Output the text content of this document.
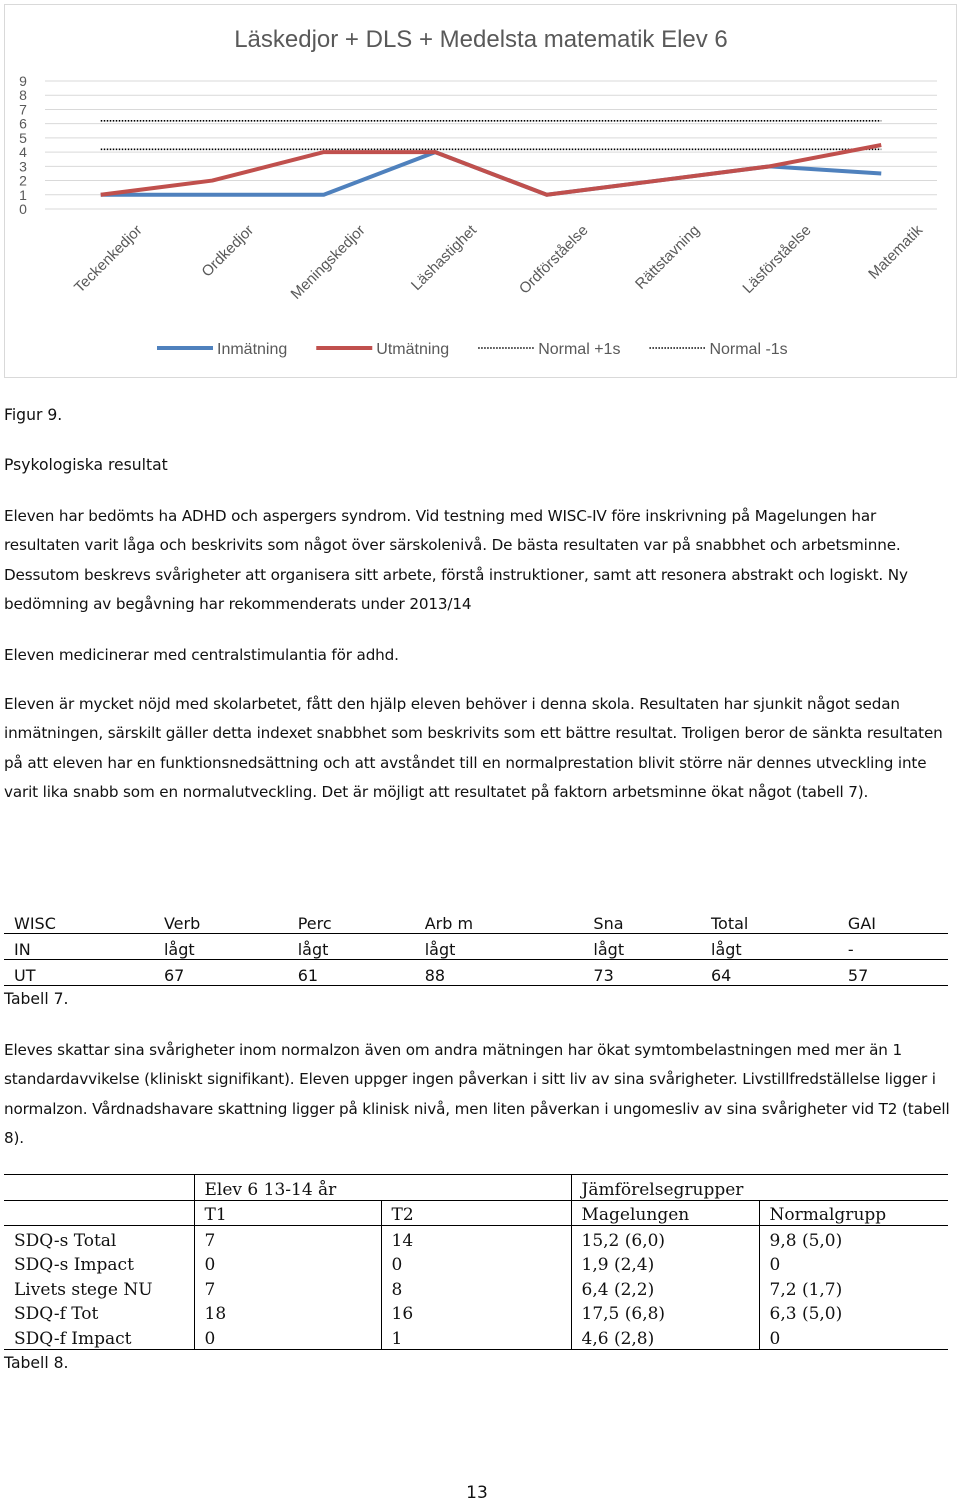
Läskedjor + DLS + Medelsta matematik Elev 6
9
8
7
6
5
4
3
2
1
0
Teckenkedjor	Ordkedjor Meningskedjor	Läshastighet Ordförståelse	Rättstavning Läsförståelse	Matematik
Inmätning	Utmätning	Normal +1s	Normal -1s

Figur 9.

Psykologiska resultat

Eleven har bedömts ha ADHD och aspergers syndrom. Vid testning med WISC-IV före inskrivning på Magelungen har resultaten varit låga och beskrivits som något över särskolenivå. De bästa resultaten var på snabbhet och arbetsminne. Dessutom beskrevs svårigheter att organisera sitt arbete, förstå instruktioner, samt att resonera abstrakt och logiskt. Ny bedömning av begåvning har rekommenderats under 2013/14

Eleven medicinerar med centralstimulantia för adhd.

Eleven är mycket nöjd med skolarbetet, fått den hjälp eleven behöver i denna skola. Resultaten har sjunkit något sedan inmätningen, särskilt gäller detta indexet snabbhet som beskrivits som ett bättre resultat. Troligen beror de sänkta resultaten på att eleven har en funktionsnedsättning och att avståndet till en normalprestation blivit större när dennes utveckling inte varit lika snabb som en normalutveckling. Det är möjligt att resultatet på faktorn arbetsminne ökat något (tabell 7).

WISC	Verb	Perc	Arb m	Sna	Total	GAI
IN	lågt	lågt	lågt	lågt	lågt	-
UT	67	61	88	73	64	57

Tabell 7.

Eleves skattar sina svårigheter inom normalzon även om andra mätningen har ökat symtombelastningen med mer än 1 standardavvikelse (kliniskt signifikant). Eleven uppger ingen påverkan i sitt liv av sina svårigheter. Livstillfredställelse ligger i normalzon. Vårdnadshavare skattning ligger på klinisk nivå, men liten påverkan i ungomesliv av sina svårigheter vid T2 (tabell 8).

	Elev 6 13-14 år		Jämförelsegrupper	
	T1	T2	Magelungen	Normalgrupp
SDQ-s Total	7	14	15,2 (6,0)	9,8 (5,0)
SDQ-s Impact	0	0	1,9 (2,4)	0
Livets stege NU	7	8	6,4 (2,2)	7,2 (1,7)
SDQ-f Tot	18	16	17,5 (6,8)	6,3 (5,0)
SDQ-f Impact	0	1	4,6 (2,8)	0

Tabell 8.

13
